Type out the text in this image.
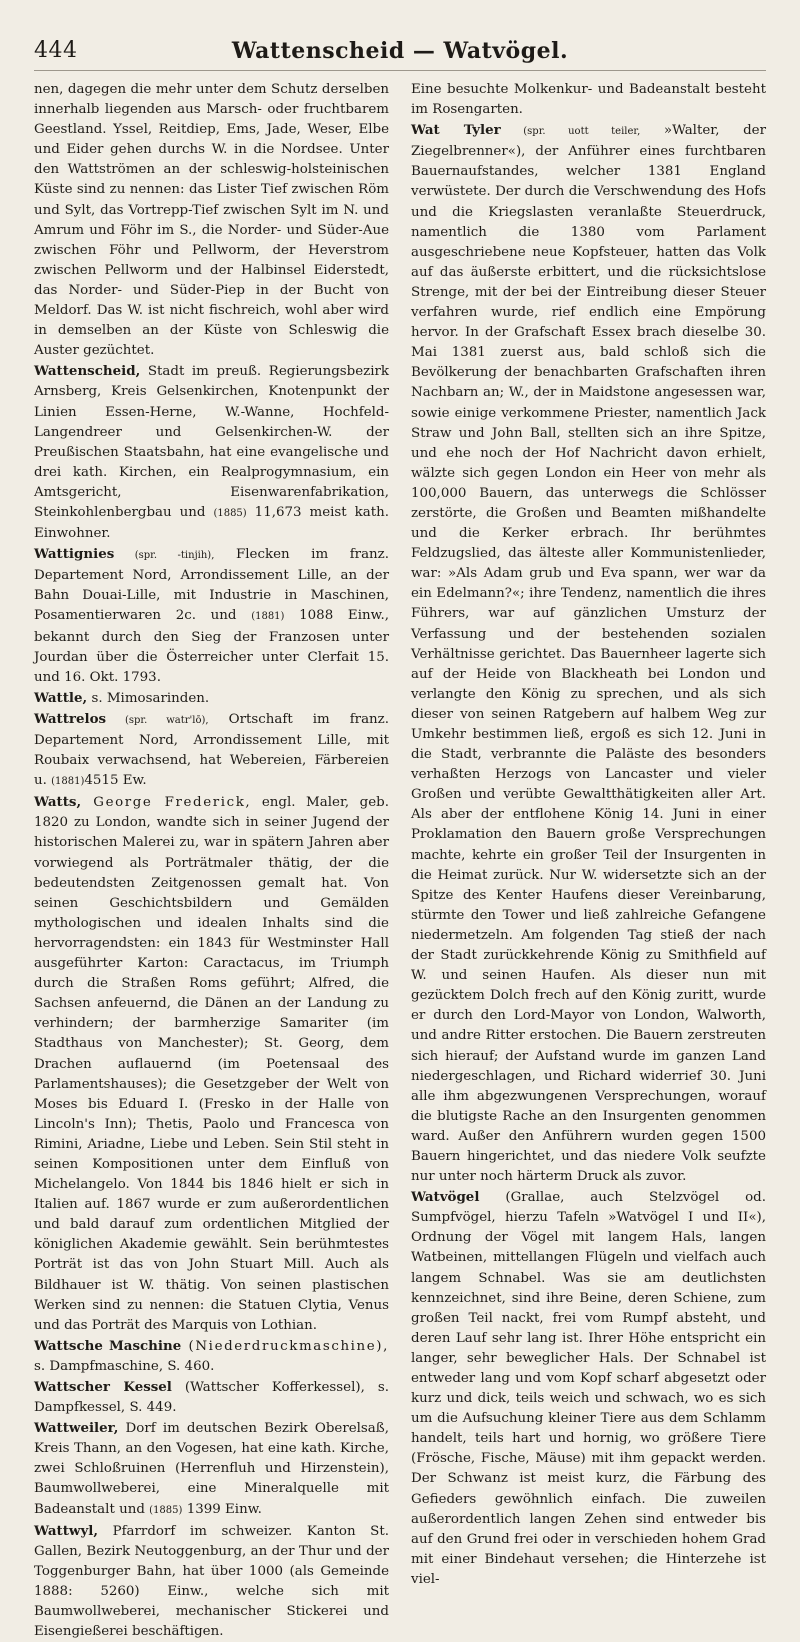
444	Wattenscheid — Watvögel.

nen, dagegen die mehr unter dem Schutz derselben innerhalb liegenden aus Marsch- oder fruchtbarem Geestland. Yssel, Reitdiep, Ems, Jade, Weser, Elbe und Eider gehen durchs W. in die Nordsee. Unter den Wattströmen an der schleswig-holsteinischen Küste sind zu nennen: das Lister Tief zwischen Röm und Sylt, das Vortrepp-Tief zwischen Sylt im N. und Amrum und Föhr im S., die Norder- und Süder-Aue zwischen Föhr und Pellworm, der Heverstrom zwischen Pellworm und der Halbinsel Eiderstedt, das Norder- und Süder-Piep in der Bucht von Meldorf. Das W. ist nicht fischreich, wohl aber wird in demselben an der Küste von Schleswig die Auster gezüchtet.

Wattenscheid, Stadt im preuß. Regierungsbezirk Arnsberg, Kreis Gelsenkirchen, Knotenpunkt der Linien Essen-Herne, W.-Wanne, Hochfeld-Langendreer und Gelsenkirchen-W. der Preußischen Staatsbahn, hat eine evangelische und drei kath. Kirchen, ein Realprogymnasium, ein Amtsgericht, Eisenwarenfabrikation, Steinkohlenbergbau und (1885) 11,673 meist kath. Einwohner.

Wattignies (spr. -tinjih), Flecken im franz. Departement Nord, Arrondissement Lille, an der Bahn Douai-Lille, mit Industrie in Maschinen, Posamentierwaren 2c. und (1881) 1088 Einw., bekannt durch den Sieg der Franzosen unter Jourdan über die Österreicher unter Clerfait 15. und 16. Okt. 1793.

Wattle, s. Mimosarinden.

Wattrelos (spr. watr'lō), Ortschaft im franz. Departement Nord, Arrondissement Lille, mit Roubaix verwachsend, hat Webereien, Färbereien u. (1881)4515 Ew.

Watts, George Frederick, engl. Maler, geb. 1820 zu London, wandte sich in seiner Jugend der historischen Malerei zu, war in spätern Jahren aber vorwiegend als Porträtmaler thätig, der die bedeutendsten Zeitgenossen gemalt hat. Von seinen Geschichtsbildern und Gemälden mythologischen und idealen Inhalts sind die hervorragendsten: ein 1843 für Westminster Hall ausgeführter Karton: Caractacus, im Triumph durch die Straßen Roms geführt; Alfred, die Sachsen anfeuernd, die Dänen an der Landung zu verhindern; der barmherzige Samariter (im Stadthaus von Manchester); St. Georg, dem Drachen auflauernd (im Poetensaal des Parlamentshauses); die Gesetzgeber der Welt von Moses bis Eduard I. (Fresko in der Halle von Lincoln's Inn); Thetis, Paolo und Francesca von Rimini, Ariadne, Liebe und Leben. Sein Stil steht in seinen Kompositionen unter dem Einfluß von Michelangelo. Von 1844 bis 1846 hielt er sich in Italien auf. 1867 wurde er zum außerordentlichen und bald darauf zum ordentlichen Mitglied der königlichen Akademie gewählt. Sein berühmtestes Porträt ist das von John Stuart Mill. Auch als Bildhauer ist W. thätig. Von seinen plastischen Werken sind zu nennen: die Statuen Clytia, Venus und das Porträt des Marquis von Lothian.

Wattsche Maschine (Niederdruckmaschine), s. Dampfmaschine, S. 460.

Wattscher Kessel (Wattscher Kofferkessel), s. Dampfkessel, S. 449.

Wattweiler, Dorf im deutschen Bezirk Oberelsaß, Kreis Thann, an den Vogesen, hat eine kath. Kirche, zwei Schloßruinen (Herrenfluh und Hirzenstein), Baumwollweberei, eine Mineralquelle mit Badeanstalt und (1885) 1399 Einw.

Wattwyl, Pfarrdorf im schweizer. Kanton St. Gallen, Bezirk Neutoggenburg, an der Thur und der Toggenburger Bahn, hat über 1000 (als Gemeinde 1888: 5260) Einw., welche sich mit Baumwollweberei, mechanischer Stickerei und Eisengießerei beschäftigen.

Eine besuchte Molkenkur- und Badeanstalt besteht im Rosengarten.

Wat Tyler (spr. uott teiler, »Walter, der Ziegelbrenner«), der Anführer eines furchtbaren Bauernaufstandes, welcher 1381 England verwüstete. Der durch die Verschwendung des Hofs und die Kriegslasten veranlaßte Steuerdruck, namentlich die 1380 vom Parlament ausgeschriebene neue Kopfsteuer, hatten das Volk auf das äußerste erbittert, und die rücksichtslose Strenge, mit der bei der Eintreibung dieser Steuer verfahren wurde, rief endlich eine Empörung hervor. In der Grafschaft Essex brach dieselbe 30. Mai 1381 zuerst aus, bald schloß sich die Bevölkerung der benachbarten Grafschaften ihren Nachbarn an; W., der in Maidstone angesessen war, sowie einige verkommene Priester, namentlich Jack Straw und John Ball, stellten sich an ihre Spitze, und ehe noch der Hof Nachricht davon erhielt, wälzte sich gegen London ein Heer von mehr als 100,000 Bauern, das unterwegs die Schlösser zerstörte, die Großen und Beamten mißhandelte und die Kerker erbrach. Ihr berühmtes Feldzugslied, das älteste aller Kommunistenlieder, war: »Als Adam grub und Eva spann, wer war da ein Edelmann?«; ihre Tendenz, namentlich die ihres Führers, war auf gänzlichen Umsturz der Verfassung und der bestehenden sozialen Verhältnisse gerichtet. Das Bauernheer lagerte sich auf der Heide von Blackheath bei London und verlangte den König zu sprechen, und als sich dieser von seinen Ratgebern auf halbem Weg zur Umkehr bestimmen ließ, ergoß es sich 12. Juni in die Stadt, verbrannte die Paläste des besonders verhaßten Herzogs von Lancaster und vieler Großen und verübte Gewaltthätigkeiten aller Art. Als aber der entflohene König 14. Juni in einer Proklamation den Bauern große Versprechungen machte, kehrte ein großer Teil der Insurgenten in die Heimat zurück. Nur W. widersetzte sich an der Spitze des Kenter Haufens dieser Vereinbarung, stürmte den Tower und ließ zahlreiche Gefangene niedermetzeln. Am folgenden Tag stieß der nach der Stadt zurückkehrende König zu Smithfield auf W. und seinen Haufen. Als dieser nun mit gezücktem Dolch frech auf den König zuritt, wurde er durch den Lord-Mayor von London, Walworth, und andre Ritter erstochen. Die Bauern zerstreuten sich hierauf; der Aufstand wurde im ganzen Land niedergeschlagen, und Richard widerrief 30. Juni alle ihm abgezwungenen Versprechungen, worauf die blutigste Rache an den Insurgenten genommen ward. Außer den Anführern wurden gegen 1500 Bauern hingerichtet, und das niedere Volk seufzte nur unter noch härterm Druck als zuvor.

Watvögel (Grallae, auch Stelzvögel od. Sumpfvögel, hierzu Tafeln »Watvögel I und II«), Ordnung der Vögel mit langem Hals, langen Watbeinen, mittellangen Flügeln und vielfach auch langem Schnabel. Was sie am deutlichsten kennzeichnet, sind ihre Beine, deren Schiene, zum großen Teil nackt, frei vom Rumpf absteht, und deren Lauf sehr lang ist. Ihrer Höhe entspricht ein langer, sehr beweglicher Hals. Der Schnabel ist entweder lang und vom Kopf scharf abgesetzt oder kurz und dick, teils weich und schwach, wo es sich um die Aufsuchung kleiner Tiere aus dem Schlamm handelt, teils hart und hornig, wo größere Tiere (Frösche, Fische, Mäuse) mit ihm gepackt werden. Der Schwanz ist meist kurz, die Färbung des Gefieders gewöhnlich einfach. Die zuweilen außerordentlich langen Zehen sind entweder bis auf den Grund frei oder in verschieden hohem Grad mit einer Bindehaut versehen; die Hinterzehe ist viel-
